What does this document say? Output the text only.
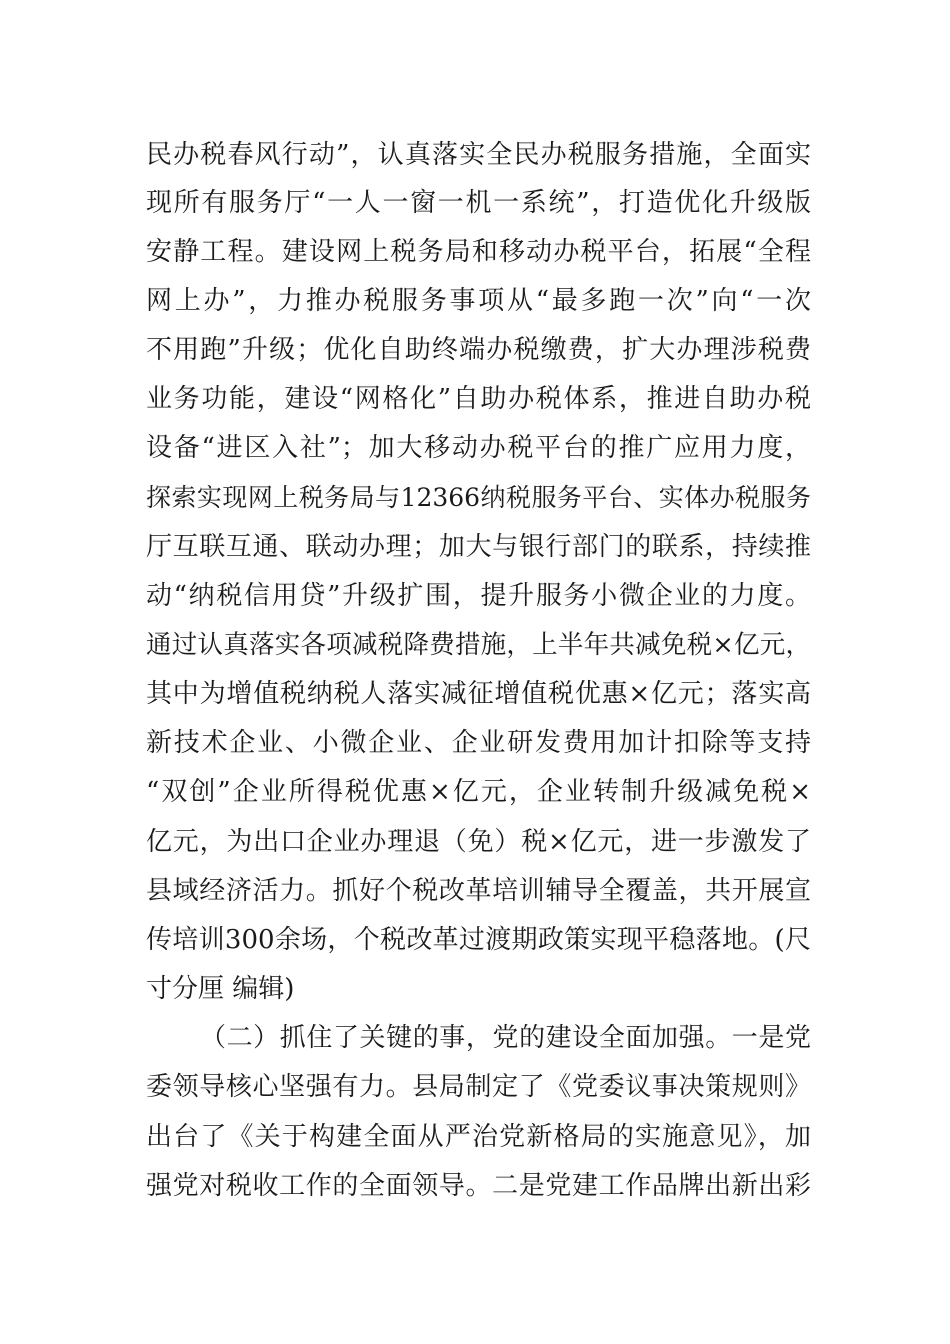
民办税春风行动”，认真落实全民办税服务措施，全面实
现所有服务厅“一人一窗一机一系统”，打造优化升级版
安静工程。建设网上税务局和移动办税平台，拓展“全程
网上办”，力推办税服务事项从“最多跑一次”向“一次
不用跑”升级；优化自助终端办税缴费，扩大办理涉税费
业务功能，建设“网格化”自助办税体系，推进自助办税
设备“进区入社”；加大移动办税平台的推广应用力度，
探索实现网上税务局与12366纳税服务平台、实体办税服务
厅互联互通、联动办理；加大与银行部门的联系，持续推
动“纳税信用贷”升级扩围，提升服务小微企业的力度。
通过认真落实各项减税降费措施，上半年共减免税×亿元，
其中为增值税纳税人落实减征增值税优惠×亿元；落实高
新技术企业、小微企业、企业研发费用加计扣除等支持
“双创”企业所得税优惠×亿元，企业转制升级减免税×
亿元，为出口企业办理退（免）税×亿元，进一步激发了
县域经济活力。抓好个税改革培训辅导全覆盖，共开展宣
传培训300余场，个税改革过渡期政策实现平稳落地。(尺
寸分厘 编辑)
（二）抓住了关键的事，党的建设全面加强。一是党
委领导核心坚强有力。县局制定了《党委议事决策规则》
出台了《关于构建全面从严治党新格局的实施意见》，加
强党对税收工作的全面领导。二是党建工作品牌出新出彩
